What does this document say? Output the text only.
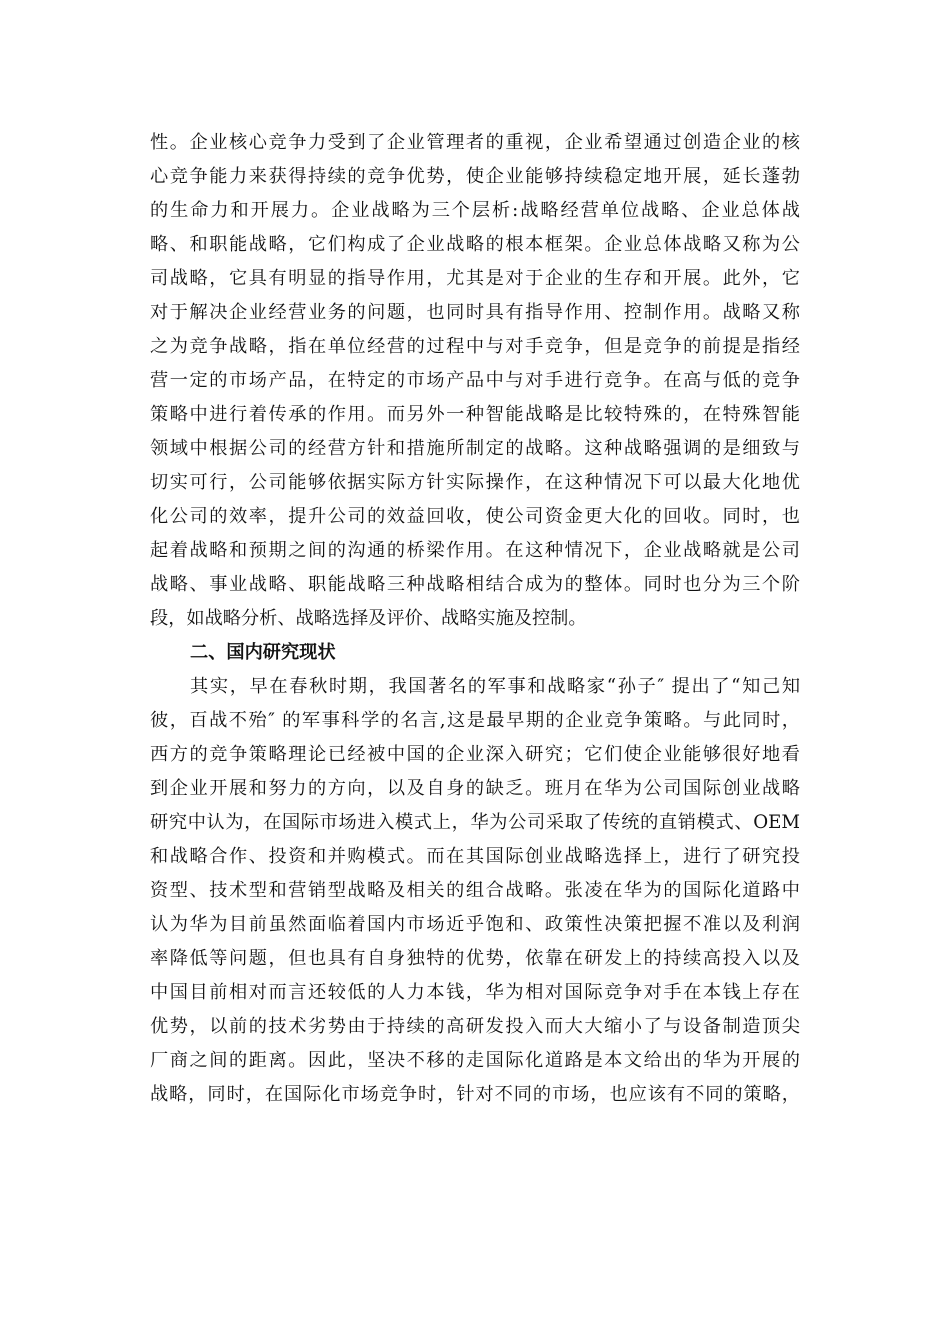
性。企业核心竞争力受到了企业管理者的重视，企业希望通过创造企业的核
心竞争能力来获得持续的竞争优势，使企业能够持续稳定地开展，延长蓬勃
的生命力和开展力。企业战略为三个层析:战略经营单位战略、企业总体战
略、和职能战略，它们构成了企业战略的根本框架。企业总体战略又称为公
司战略，它具有明显的指导作用，尤其是对于企业的生存和开展。此外，它
对于解决企业经营业务的问题，也同时具有指导作用、控制作用。战略又称
之为竞争战略，指在单位经营的过程中与对手竞争，但是竞争的前提是指经
营一定的市场产品，在特定的市场产品中与对手进行竞争。在高与低的竞争
策略中进行着传承的作用。而另外一种智能战略是比较特殊的，在特殊智能
领域中根据公司的经营方针和措施所制定的战略。这种战略强调的是细致与
切实可行，公司能够依据实际方针实际操作，在这种情况下可以最大化地优
化公司的效率，提升公司的效益回收，使公司资金更大化的回收。同时，也
起着战略和预期之间的沟通的桥梁作用。在这种情况下，企业战略就是公司
战略、事业战略、职能战略三种战略相结合成为的整体。同时也分为三个阶
段，如战略分析、战略选择及评价、战略实施及控制。
二、国内研究现状
其实，早在春秋时期，我国著名的军事和战略家“孙子″ 提出了“知己知
彼，百战不殆″ 的军事科学的名言,这是最早期的企业竞争策略。与此同时，
西方的竞争策略理论已经被中国的企业深入研究；它们使企业能够很好地看
到企业开展和努力的方向，以及自身的缺乏。班月在华为公司国际创业战略
研究中认为，在国际市场进入模式上，华为公司采取了传统的直销模式、OEM
和战略合作、投资和并购模式。而在其国际创业战略选择上，进行了研究投
资型、技术型和营销型战略及相关的组合战略。张凌在华为的国际化道路中
认为华为目前虽然面临着国内市场近乎饱和、政策性决策把握不准以及利润
率降低等问题，但也具有自身独特的优势，依靠在研发上的持续高投入以及
中国目前相对而言还较低的人力本钱，华为相对国际竞争对手在本钱上存在
优势，以前的技术劣势由于持续的高研发投入而大大缩小了与设备制造顶尖
厂商之间的距离。因此，坚决不移的走国际化道路是本文给出的华为开展的
战略，同时，在国际化市场竞争时，针对不同的市场，也应该有不同的策略，
